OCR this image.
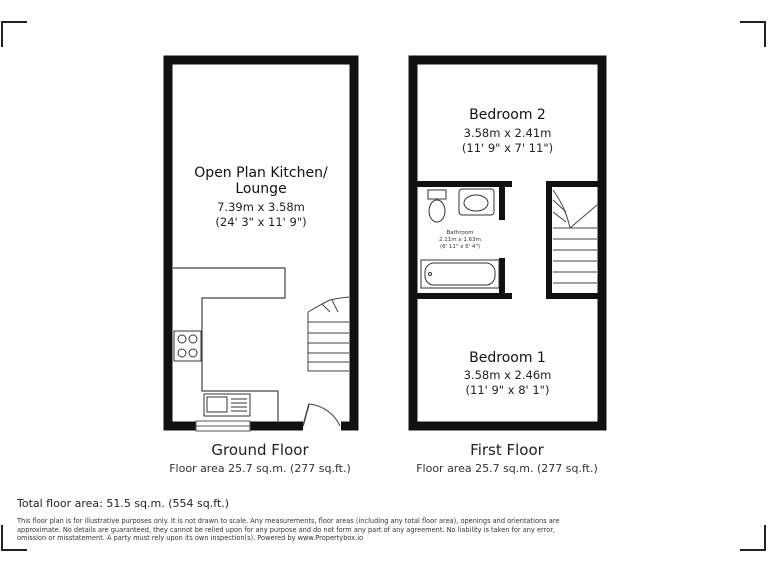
Open Plan Kitchen/
Lounge
7.39m x 3.58m
(24' 3" x 11' 9")
Bedroom 2
3.58m x 2.41m
(11' 9" x 7' 11")
Bathroom
2.11m x 1.63m
(6' 11" x 5' 4")
Bedroom 1
3.58m x 2.46m
(11' 9" x 8' 1")
Ground Floor
Floor area 25.7 sq.m. (277 sq.ft.)
First Floor
Floor area 25.7 sq.m. (277 sq.ft.)
Total floor area: 51.5 sq.m. (554 sq.ft.)
This floor plan is for illustrative purposes only. It is not drawn to scale. Any measurements, floor areas (including any total floor area), openings and orientations are
approximate. No details are guaranteed, they cannot be relied upon for any purpose and do not form any part of any agreement. No liability is taken for any error,
omission or misstatement. A party must rely upon its own inspection(s). Powered by www.Propertybox.io
